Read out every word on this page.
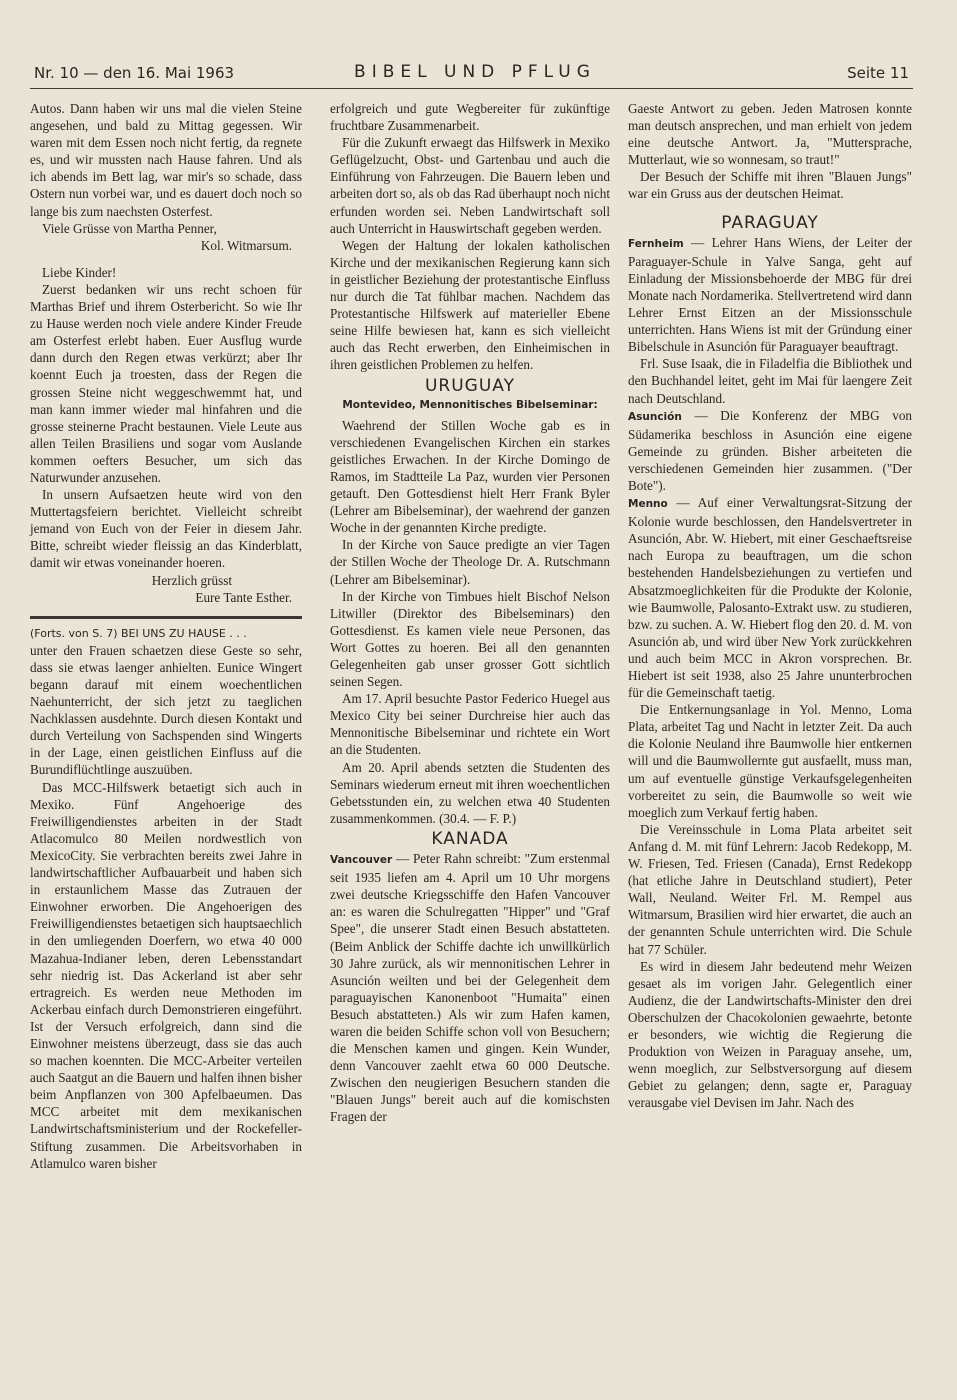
Nr. 10 — den 16. Mai 1963	BIBEL UND PFLUG	Seite 11

Autos. Dann haben wir uns mal die vielen Steine angesehen, und bald zu Mittag gegessen. Wir waren mit dem Essen noch nicht fertig, da regnete es, und wir mussten nach Hause fahren. Und als ich abends im Bett lag, war mir's so schade, dass Ostern nun vorbei war, und es dauert doch noch so lange bis zum naechsten Osterfest.

Viele Grüsse von Martha Penner,

Kol. Witmarsum.

Liebe Kinder!

Zuerst bedanken wir uns recht schoen für Marthas Brief und ihrem Osterbericht. So wie Ihr zu Hause werden noch viele andere Kinder Freude am Osterfest erlebt haben. Euer Ausflug wurde dann durch den Regen etwas verkürzt; aber Ihr koennt Euch ja troesten, dass der Regen die grossen Steine nicht weggeschwemmt hat, und man kann immer wieder mal hinfahren und die grosse steinerne Pracht bestaunen. Viele Leute aus allen Teilen Brasiliens und sogar vom Auslande kommen oefters Besucher, um sich das Naturwunder anzusehen.

In unsern Aufsaetzen heute wird von den Muttertagsfeiern berichtet. Vielleicht schreibt jemand von Euch von der Feier in diesem Jahr. Bitte, schreibt wieder fleissig an das Kinderblatt, damit wir etwas voneinander hoeren.

Herzlich grüsst

Eure Tante Esther.

(Forts. von S. 7) BEI UNS ZU HAUSE . . .

unter den Frauen schaetzen diese Geste so sehr, dass sie etwas laenger anhielten. Eunice Wingert begann darauf mit einem woechentlichen Naehunterricht, der sich jetzt zu taeglichen Nachklassen ausdehnte. Durch diesen Kontakt und durch Verteilung von Sachspenden sind Wingerts in der Lage, einen geistlichen Einfluss auf die Burundiflüchtlinge auszuüben.

Das MCC-Hilfswerk betaetigt sich auch in Mexiko. Fünf Angehoerige des Freiwilligendienstes arbeiten in der Stadt Atlacomulco 80 Meilen nordwestlich von MexicoCity. Sie verbrachten bereits zwei Jahre in landwirtschaftlicher Aufbauarbeit und haben sich in erstaunlichem Masse das Zutrauen der Einwohner erworben. Die Angehoerigen des Freiwilligendienstes betaetigen sich hauptsaechlich in den umliegenden Doerfern, wo etwa 40 000 Mazahua-Indianer leben, deren Lebensstandart sehr niedrig ist. Das Ackerland ist aber sehr ertragreich. Es werden neue Methoden im Ackerbau einfach durch Demonstrieren eingeführt. Ist der Versuch erfolgreich, dann sind die Einwohner meistens überzeugt, dass sie das auch so machen koennten. Die MCC-Arbeiter verteilen auch Saatgut an die Bauern und halfen ihnen bisher beim Anpflanzen von 300 Apfelbaeumen. Das MCC arbeitet mit dem mexikanischen Landwirtschaftsministerium und der Rockefeller-Stiftung zusammen. Die Arbeitsvorhaben in Atlamulco waren bisher

erfolgreich und gute Wegbereiter für zukünftige fruchtbare Zusammenarbeit.

Für die Zukunft erwaegt das Hilfswerk in Mexiko Geflügelzucht, Obst- und Gartenbau und auch die Einführung von Fahrzeugen. Die Bauern leben und arbeiten dort so, als ob das Rad überhaupt noch nicht erfunden worden sei. Neben Landwirtschaft soll auch Unterricht in Hauswirtschaft gegeben werden.

Wegen der Haltung der lokalen katholischen Kirche und der mexikanischen Regierung kann sich in geistlicher Beziehung der protestantische Einfluss nur durch die Tat fühlbar machen. Nachdem das Protestantische Hilfswerk auf materieller Ebene seine Hilfe bewiesen hat, kann es sich vielleicht auch das Recht erwerben, den Einheimischen in ihren geistlichen Problemen zu helfen.

URUGUAY
Montevideo, Mennonitisches Bibelseminar:

Waehrend der Stillen Woche gab es in verschiedenen Evangelischen Kirchen ein starkes geistliches Erwachen. In der Kirche Domingo de Ramos, im Stadtteile La Paz, wurden vier Personen getauft. Den Gottesdienst hielt Herr Frank Byler (Lehrer am Bibelseminar), der waehrend der ganzen Woche in der genannten Kirche predigte.

In der Kirche von Sauce predigte an vier Tagen der Stillen Woche der Theologe Dr. A. Rutschmann (Lehrer am Bibelseminar).

In der Kirche von Timbues hielt Bischof Nelson Litwiller (Direktor des Bibelseminars) den Gottesdienst. Es kamen viele neue Personen, das Wort Gottes zu hoeren. Bei all den genannten Gelegenheiten gab unser grosser Gott sichtlich seinen Segen.

Am 17. April besuchte Pastor Federico Huegel aus Mexico City bei seiner Durchreise hier auch das Mennonitische Bibelseminar und richtete ein Wort an die Studenten.

Am 20. April abends setzten die Studenten des Seminars wiederum erneut mit ihren woechentlichen Gebetsstunden ein, zu welchen etwa 40 Studenten zusammenkommen. (30.4. — F. P.)

KANADA

Vancouver — Peter Rahn schreibt: "Zum erstenmal seit 1935 liefen am 4. April um 10 Uhr morgens zwei deutsche Kriegsschiffe den Hafen Vancouver an: es waren die Schulregatten "Hipper" und "Graf Spee", die unserer Stadt einen Besuch abstatteten. (Beim Anblick der Schiffe dachte ich unwillkürlich 30 Jahre zurück, als wir mennonitischen Lehrer in Asunción weilten und bei der Gelegenheit dem paraguayischen Kanonenboot "Humaita" einen Besuch abstatteten.) Als wir zum Hafen kamen, waren die beiden Schiffe schon voll von Besuchern; die Menschen kamen und gingen. Kein Wunder, denn Vancouver zaehlt etwa 60 000 Deutsche. Zwischen den neugierigen Besuchern standen die "Blauen Jungs" bereit auch auf die komischsten Fragen der

Gaeste Antwort zu geben. Jeden Matrosen konnte man deutsch ansprechen, und man erhielt von jedem eine deutsche Antwort. Ja, "Muttersprache, Mutterlaut, wie so wonnesam, so traut!"

Der Besuch der Schiffe mit ihren "Blauen Jungs" war ein Gruss aus der deutschen Heimat.

PARAGUAY

Fernheim — Lehrer Hans Wiens, der Leiter der Paraguayer-Schule in Yalve Sanga, geht auf Einladung der Missionsbehoerde der MBG für drei Monate nach Nordamerika. Stellvertretend wird dann Lehrer Ernst Eitzen an der Missionsschule unterrichten. Hans Wiens ist mit der Gründung einer Bibelschule in Asunción für Paraguayer beauftragt.

Frl. Suse Isaak, die in Filadelfia die Bibliothek und den Buchhandel leitet, geht im Mai für laengere Zeit nach Deutschland.

Asunción — Die Konferenz der MBG von Südamerika beschloss in Asunción eine eigene Gemeinde zu gründen. Bisher arbeiteten die verschiedenen Gemeinden hier zusammen. ("Der Bote").

Menno — Auf einer Verwaltungsrat-Sitzung der Kolonie wurde beschlossen, den Handelsvertreter in Asunción, Abr. W. Hiebert, mit einer Geschaeftsreise nach Europa zu beauftragen, um die schon bestehenden Handelsbeziehungen zu vertiefen und Absatzmoeglichkeiten für die Produkte der Kolonie, wie Baumwolle, Palosanto-Extrakt usw. zu studieren, bzw. zu suchen. A. W. Hiebert flog den 20. d. M. von Asunción ab, und wird über New York zurückkehren und auch beim MCC in Akron vorsprechen. Br. Hiebert ist seit 1938, also 25 Jahre ununterbrochen für die Gemeinschaft taetig.

Die Entkernungsanlage in Yol. Menno, Loma Plata, arbeitet Tag und Nacht in letzter Zeit. Da auch die Kolonie Neuland ihre Baumwolle hier entkernen will und die Baumwollernte gut ausfaellt, muss man, um auf eventuelle günstige Verkaufsgelegenheiten vorbereitet zu sein, die Baumwolle so weit wie moeglich zum Verkauf fertig haben.

Die Vereinsschule in Loma Plata arbeitet seit Anfang d. M. mit fünf Lehrern: Jacob Redekopp, M. W. Friesen, Ted. Friesen (Canada), Ernst Redekopp (hat etliche Jahre in Deutschland studiert), Peter Wall, Neuland. Weiter Frl. M. Rempel aus Witmarsum, Brasilien wird hier erwartet, die auch an der genannten Schule unterrichten wird. Die Schule hat 77 Schüler.

Es wird in diesem Jahr bedeutend mehr Weizen gesaet als im vorigen Jahr. Gelegentlich einer Audienz, die der Landwirtschafts-Minister den drei Oberschulzen der Chacokolonien gewaehrte, betonte er besonders, wie wichtig die Regierung die Produktion von Weizen in Paraguay ansehe, um, wenn moeglich, zur Selbstversorgung auf diesem Gebiet zu gelangen; denn, sagte er, Paraguay verausgabe viel Devisen im Jahr. Nach des
